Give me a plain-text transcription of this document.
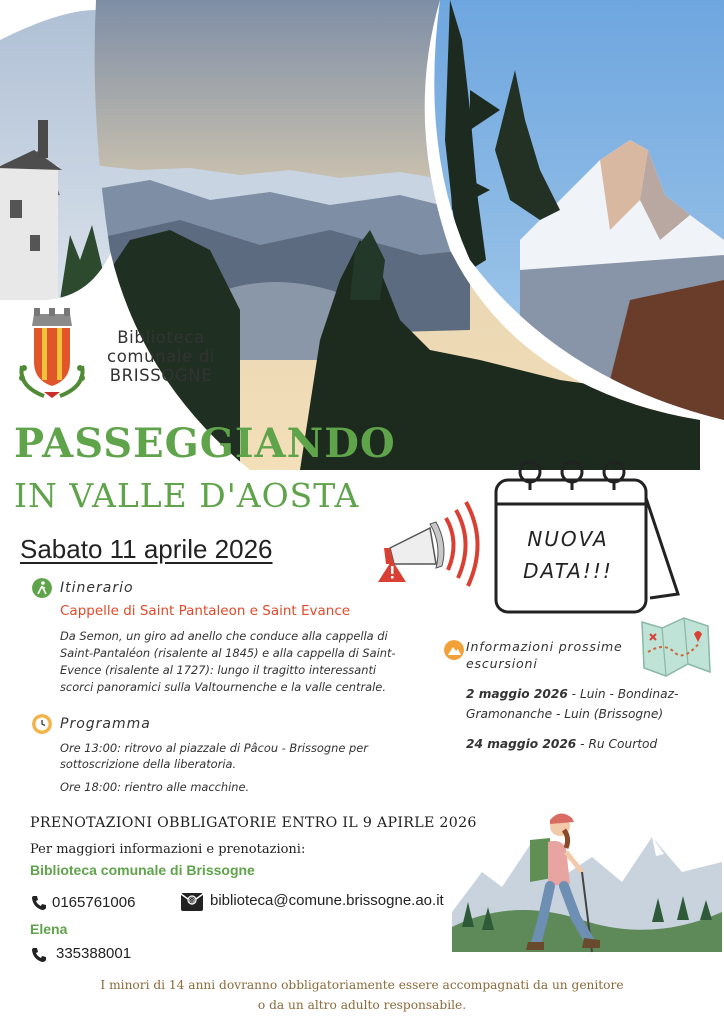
Biblioteca
comunale di
BRISSOGNE
PASSEGGIANDO
IN VALLE D'AOSTA
Sabato 11 aprile 2026	NUOVA
DATA!!!
Itinerario
Cappelle di Saint Pantaleon e Saint Evance
Da Semon, un giro ad anello che conduce alla cappella di
Saint-Pantaléon (risalente al 1845) e alla cappella di Saint-
Evence (risalente al 1727): lungo il tragitto interessanti
scorci panoramici sulla Valtournenche e la valle centrale.
Programma
Ore 13:00: ritrovo al piazzale di Pâcou - Brissogne per
sottoscrizione della liberatoria.
Ore 18:00: rientro alle macchine.
Informazioni prossime
escursioni
2 maggio 2026 - Luin - Bondinaz-
Gramonanche - Luin (Brissogne)
24 maggio 2026 - Ru Courtod
PRENOTAZIONI OBBLIGATORIE ENTRO IL 9 APIRLE 2026
Per maggiori informazioni e prenotazioni:
Biblioteca comunale di Brissogne
0165761006	@ biblioteca@comune.brissogne.ao.it
Elena
335388001
I minori di 14 anni dovranno obbligatoriamente essere accompagnati da un genitore
o da un altro adulto responsabile.
